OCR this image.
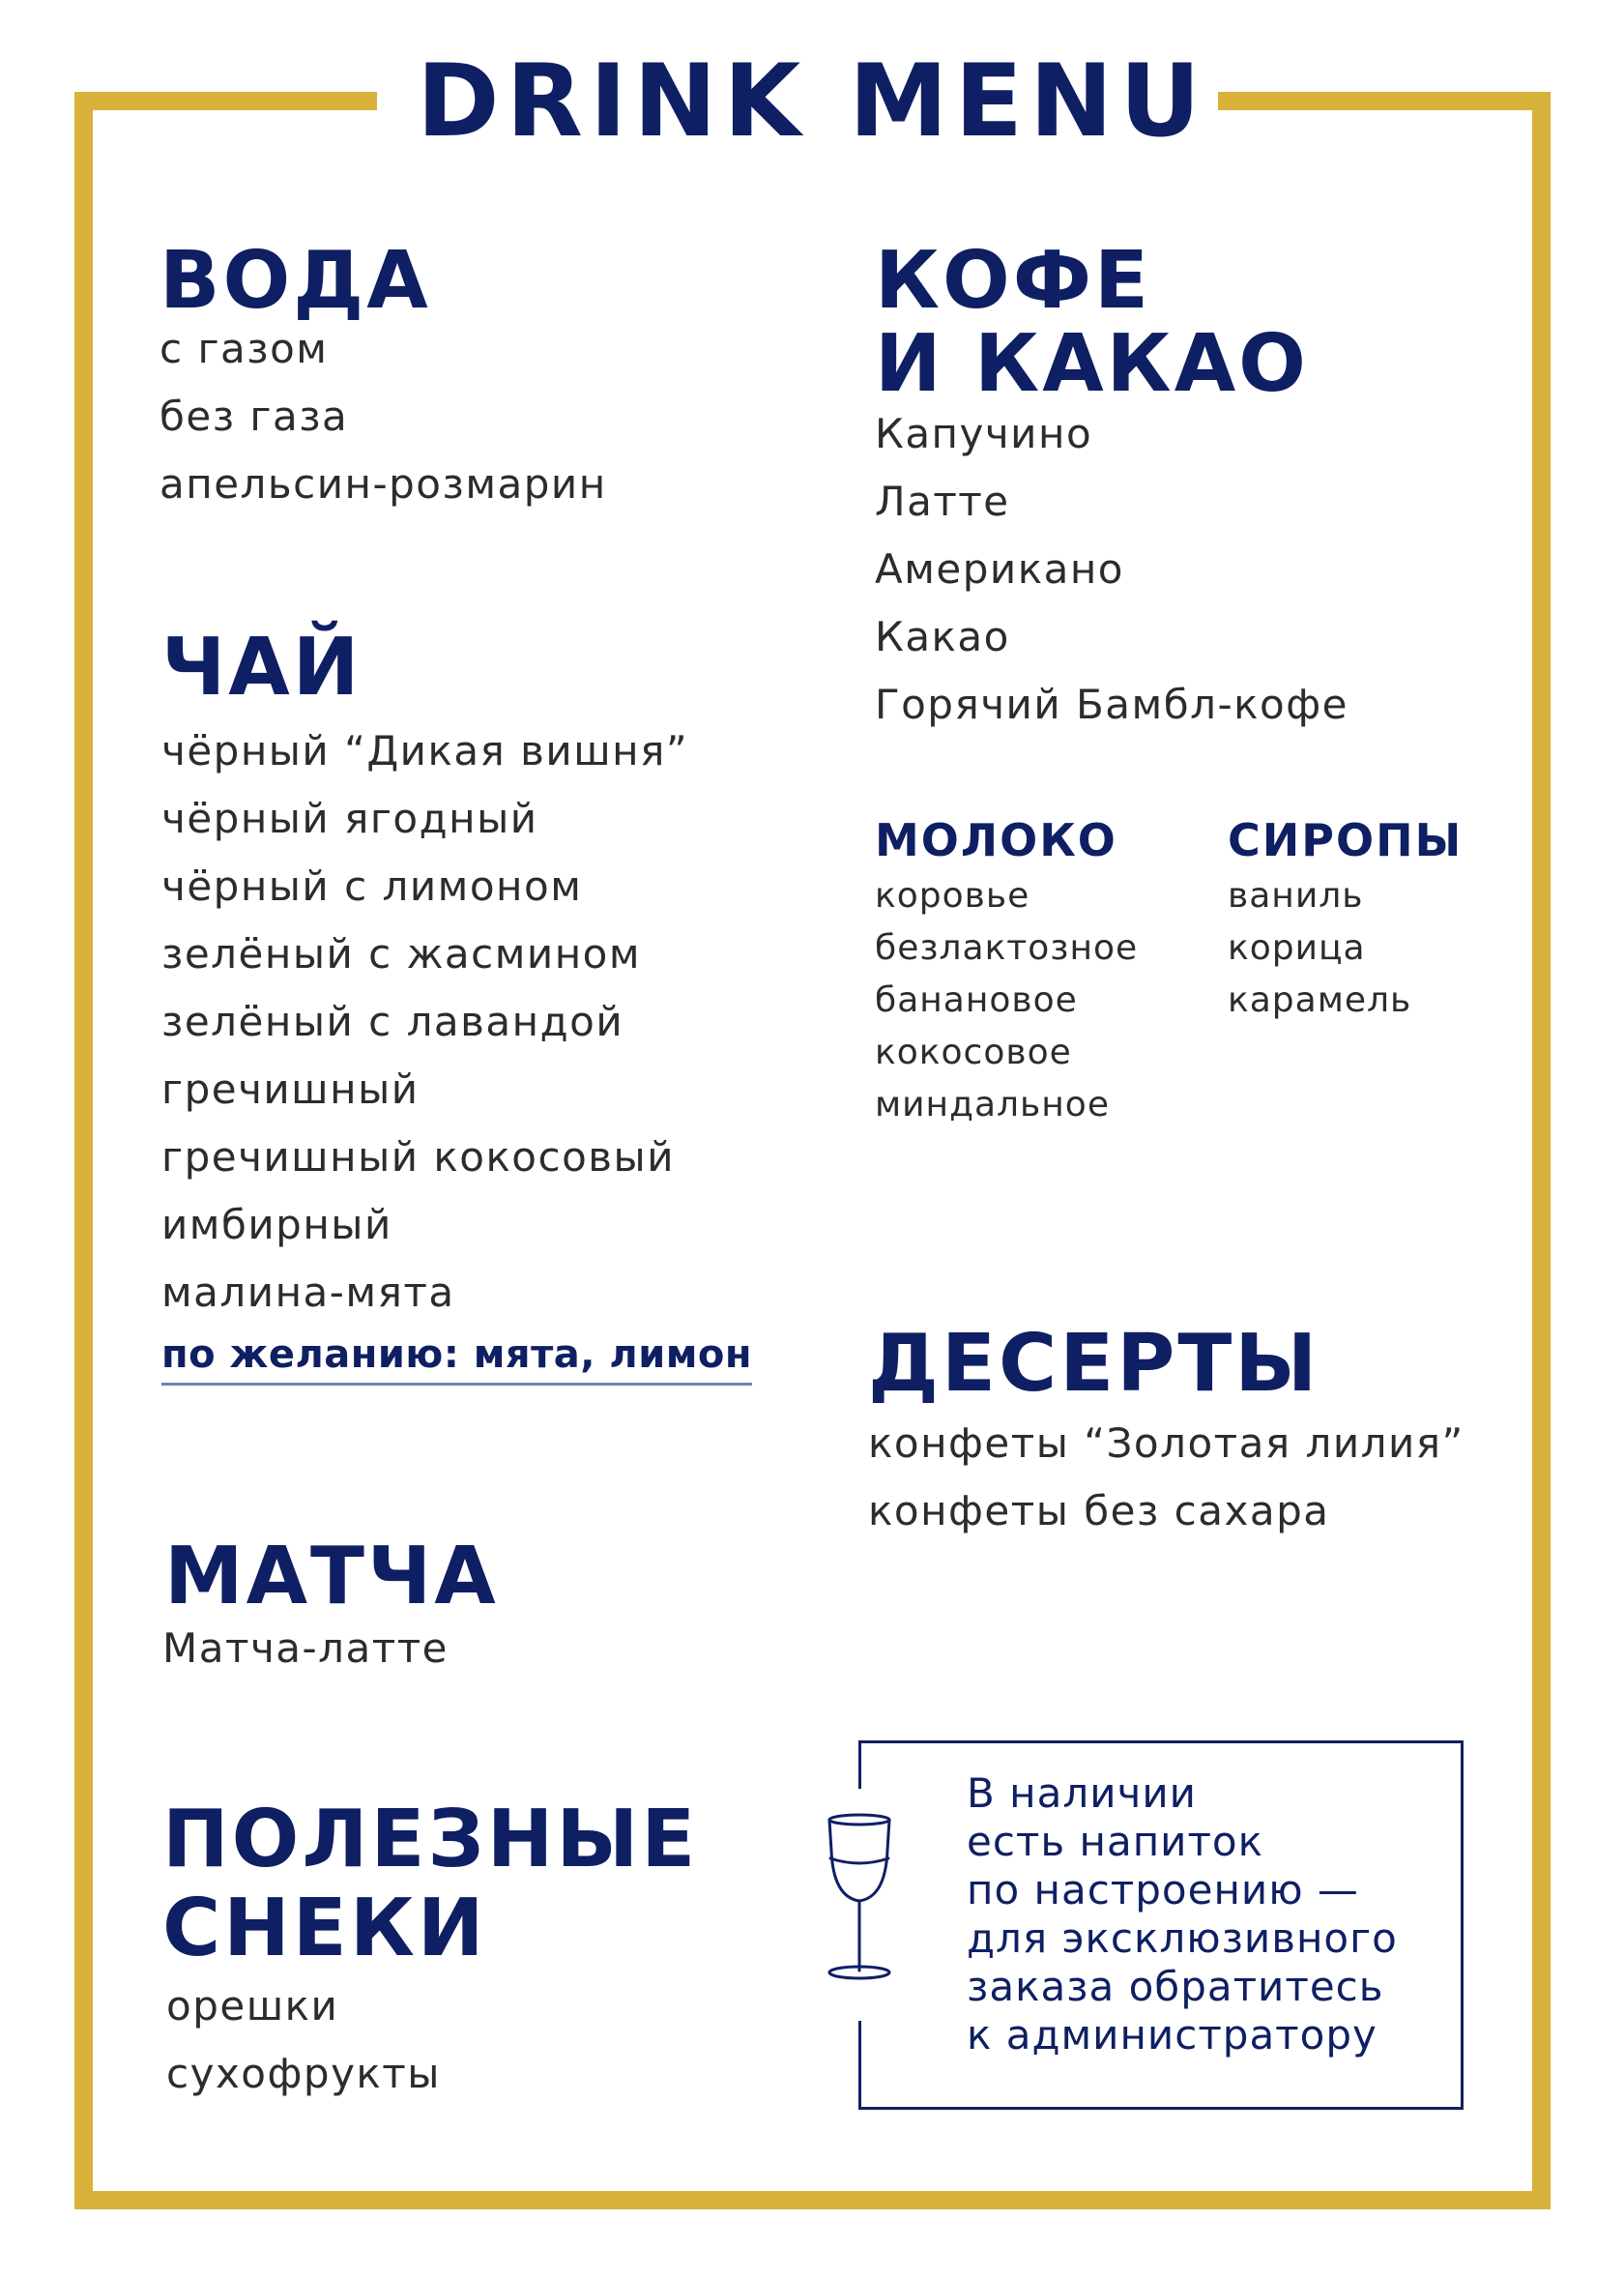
DRINK MENU
ВОДА
с газом
без газа
апельсин-розмарин
ЧАЙ
чёрный “Дикая вишня”
чёрный ягодный
чёрный с лимоном
зелёный с жасмином
зелёный с лавандой
гречишный
гречишный кокосовый
имбирный
малина-мята
по желанию: мята, лимон
МАТЧА
Матча-латте
ПОЛЕЗНЫЕ
СНЕКИ
орешки
сухофрукты
КОФЕ
И КАКАО
Капучино
Латте
Американо
Какао
Горячий Бамбл-кофе
МОЛОКО
коровье
безлактозное
банановое
кокосовое
миндальное
СИРОПЫ
ваниль
корица
карамель
ДЕСЕРТЫ
конфеты “Золотая лилия”
конфеты без сахара

В наличии
есть напиток
по настроению —
для эксклюзивного
заказа обратитесь
к администратору
